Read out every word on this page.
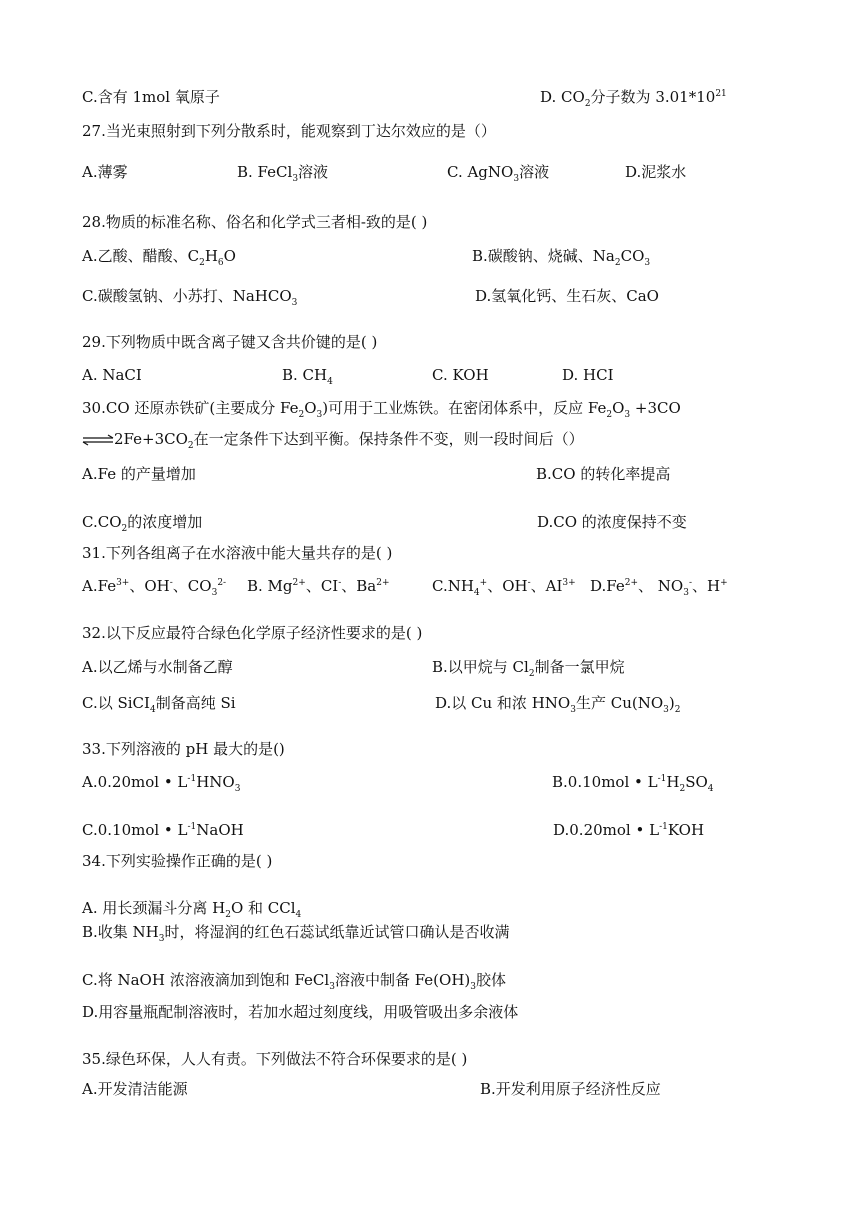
C.含有 1mol 氧原子	D. $CO_2$分子数为 $3.01*10^{21}$
27.当光束照射到下列分散系时，能观察到丁达尔效应的是（）
A.薄雾	B. FeCl$_3$溶液	C. AgNO$_3$溶液	D.泥浆水
28.物质的标准名称、俗名和化学式三者相-致的是( )
A.乙酸、醋酸、$C_2H_6O$	B.碳酸钠、烧碱、$Na_2CO_3$
C.碳酸氢钠、小苏打、NaHCO$_3$	D.氢氧化钙、生石灰、CaO
29.下列物质中既含离子键又含共价键的是( )
A. NaCI	B. $CH_4$	C. KOH	D. HCI
30.CO 还原赤铁矿(主要成分 $Fe_2O_3$)可用于工业炼铁。在密闭体系中，反应 $Fe_2O_3 +3CO$
$\rightleftharpoons 2Fe+3CO_2$在一定条件下达到平衡。保持条件不变，则一段时间后（）
A.Fe 的产量增加	B.CO 的转化率提高
$C.CO_2$的浓度增加	D.CO 的浓度保持不变
31.下列各组离子在水溶液中能大量共存的是( )
$A.Fe^{3+}$、OH-、$CO_3^{2-}$ B. $Mg^{2+}$、CI-、$Ba^{2+}$	$C.NH_4^+$、OH-、$AI^{3+}$ $D.Fe^{2+}$、 $NO_3^-$、H+
32.以下反应最符合绿色化学原子经济性要求的是( )
A.以乙烯与水制备乙醇	B.以甲烷与 $Cl_2$制备一氯甲烷
C.以 SiCI$_4$制备高纯 Si	D.以 Cu 和浓 $HNO_3$生产 $Cu(NO_3)_2$
33.下列溶液的 pH 最大的是()
A.0.20mol • $L^{-1}HNO_3$	B.0.10mol • $L^{-1}H_2SO_4$
C.0.10mol • $L^{-1}NaOH$	D.0.20mol • $L^{-1}KOH$
34.下列实验操作正确的是( )
A. 用长颈漏斗分离 $H_2O$ 和 CCl$_4$
B.收集 $NH_3$时，将湿润的红色石蕊试纸靠近试管口确认是否收满
C.将 NaOH 浓溶液滴加到饱和 FeCl$_3$溶液中制备 $Fe(OH)_3$胶体
D.用容量瓶配制溶液时，若加水超过刻度线，用吸管吸出多余液体
35.绿色环保，人人有责。下列做法不符合环保要求的是( )
A.开发清洁能源	B.开发利用原子经济性反应
